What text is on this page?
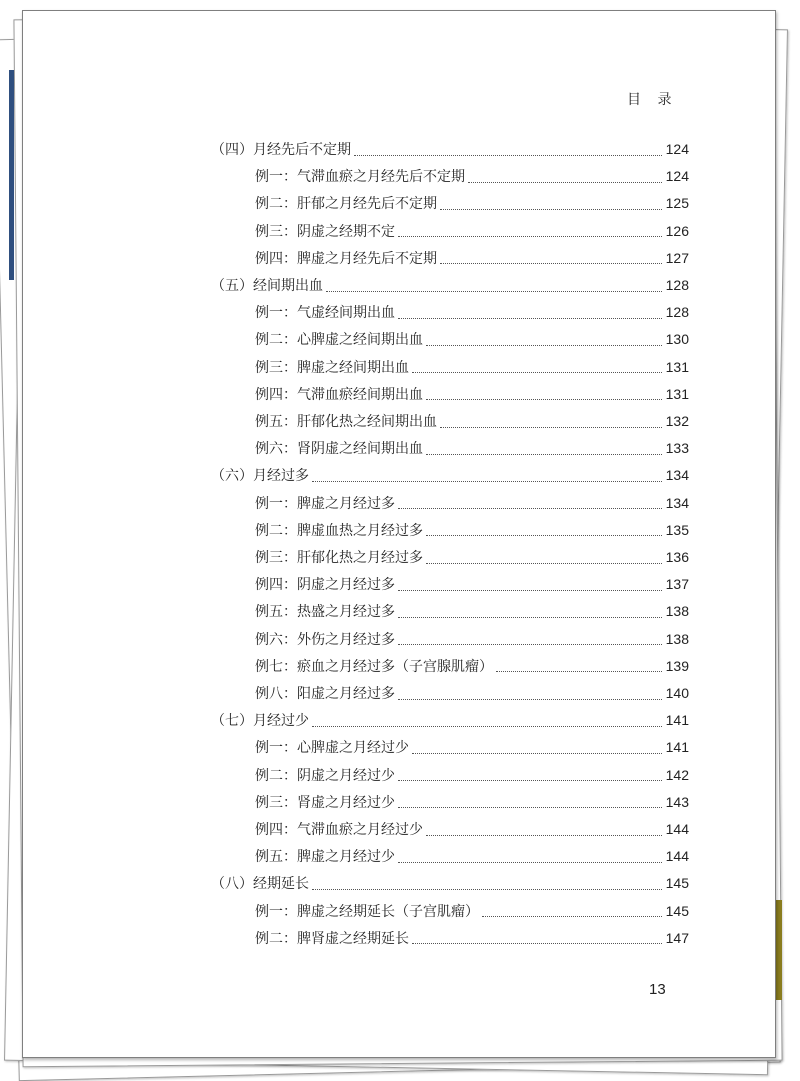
目 录
（四）月经先后不定期	124
例一：气滞血瘀之月经先后不定期	124
例二：肝郁之月经先后不定期	125
例三：阴虚之经期不定	126
例四：脾虚之月经先后不定期	127
（五）经间期出血	128
例一：气虚经间期出血	128
例二：心脾虚之经间期出血	130
例三：脾虚之经间期出血	131
例四：气滞血瘀经间期出血	131
例五：肝郁化热之经间期出血	132
例六：肾阴虚之经间期出血	133
（六）月经过多	134
例一：脾虚之月经过多	134
例二：脾虚血热之月经过多	135
例三：肝郁化热之月经过多	136
例四：阴虚之月经过多	137
例五：热盛之月经过多	138
例六：外伤之月经过多	138
例七：瘀血之月经过多（子宫腺肌瘤）	139
例八：阳虚之月经过多	140
（七）月经过少	141
例一：心脾虚之月经过少	141
例二：阴虚之月经过少	142
例三：肾虚之月经过少	143
例四：气滞血瘀之月经过少	144
例五：脾虚之月经过少	144
（八）经期延长	145
例一：脾虚之经期延长（子宫肌瘤）	145
例二：脾肾虚之经期延长	147
13
